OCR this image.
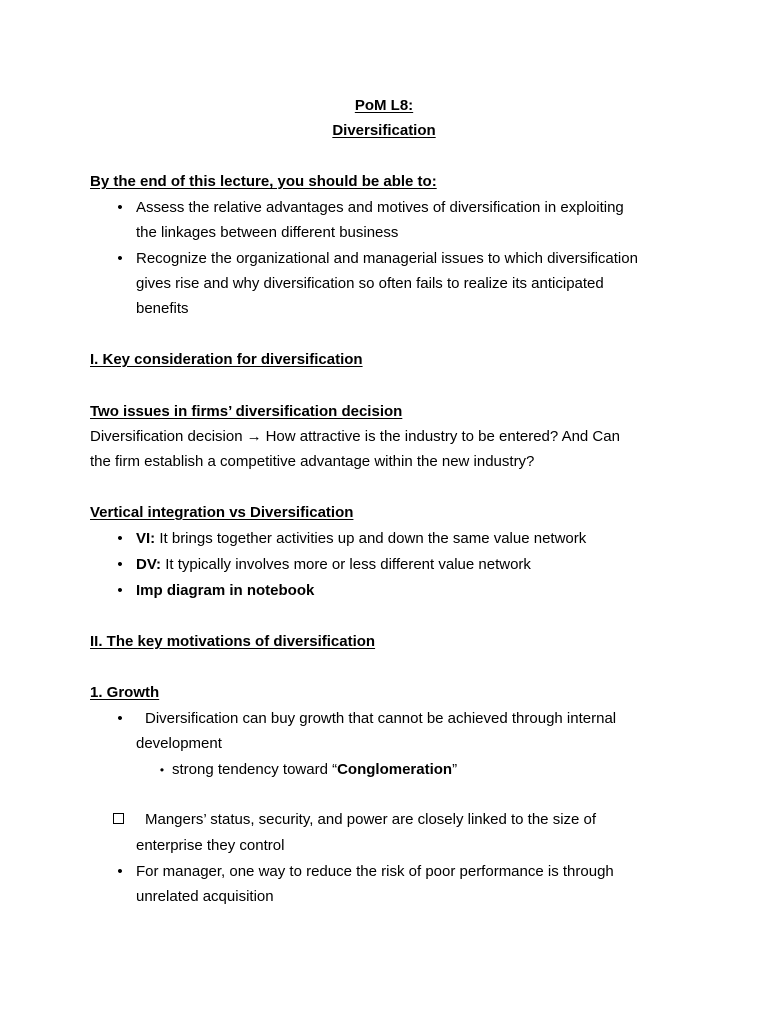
PoM L8:
Diversification
By the end of this lecture, you should be able to:
• Assess the relative advantages and motives of diversification in exploiting
the linkages between different business
• Recognize the organizational and managerial issues to which diversification
gives rise and why diversification so often fails to realize its anticipated
benefits
I. Key consideration for diversification
Two issues in firms’ diversification decision
Diversification decision → How attractive is the industry to be entered? And Can
the firm establish a competitive advantage within the new industry?
Vertical integration vs Diversification
• VI: It brings together activities up and down the same value network
• DV: It typically involves more or less different value network
• Imp diagram in notebook
II. The key motivations of diversification
1. Growth
• Diversification can buy growth that cannot be achieved through internal
development
• strong tendency toward “Conglomeration”
Mangers’ status, security, and power are closely linked to the size of
enterprise they control
• For manager, one way to reduce the risk of poor performance is through
unrelated acquisition
